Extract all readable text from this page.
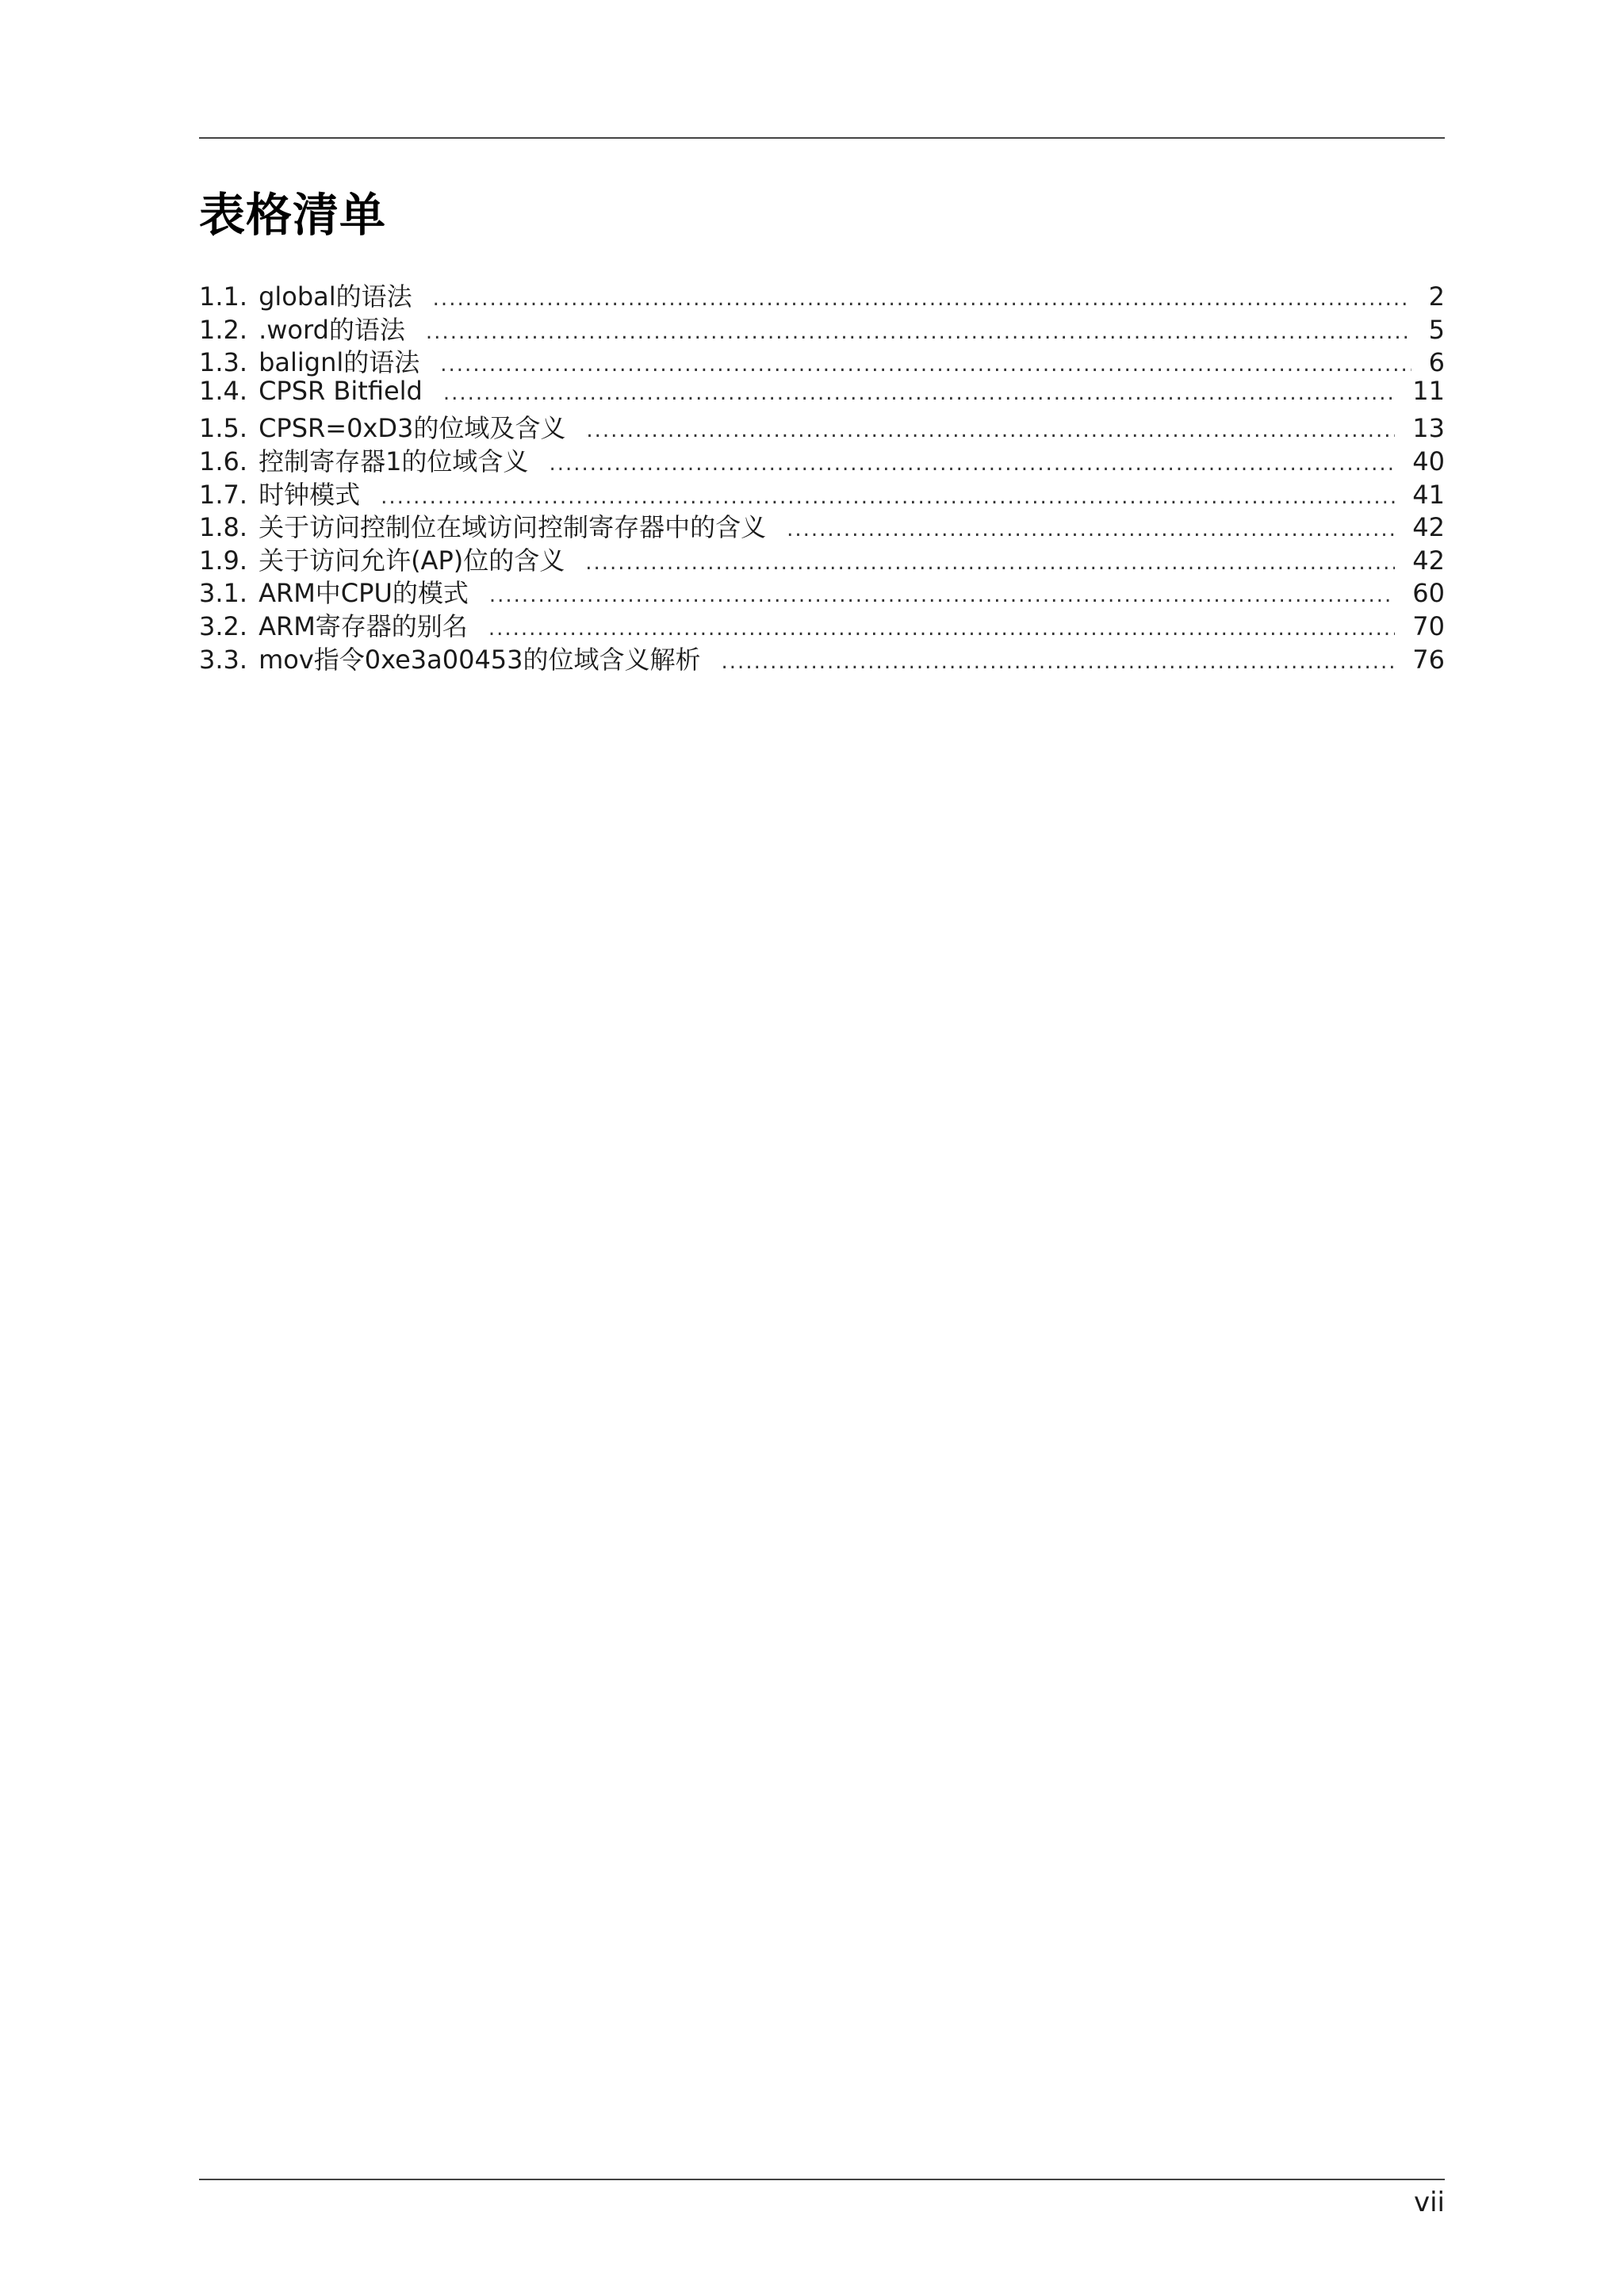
表格清单
1.1. global的语法 .....	2
1.2. .word的语法 .....	5
1.3. balignl的语法 .....	6
1.4. CPSR Bitfield .....	11
1.5. CPSR=0xD3的位域及含义 .....	13
1.6. 控制寄存器1的位域含义 .....	40
1.7. 时钟模式 .....	41
1.8. 关于访问控制位在域访问控制寄存器中的含义 .....	42
1.9. 关于访问允许(AP)位的含义 .....	42
3.1. ARM中CPU的模式 .....	60
3.2. ARM寄存器的别名 .....	70
3.3. mov指令0xe3a00453的位域含义解析 .....	76
vii
